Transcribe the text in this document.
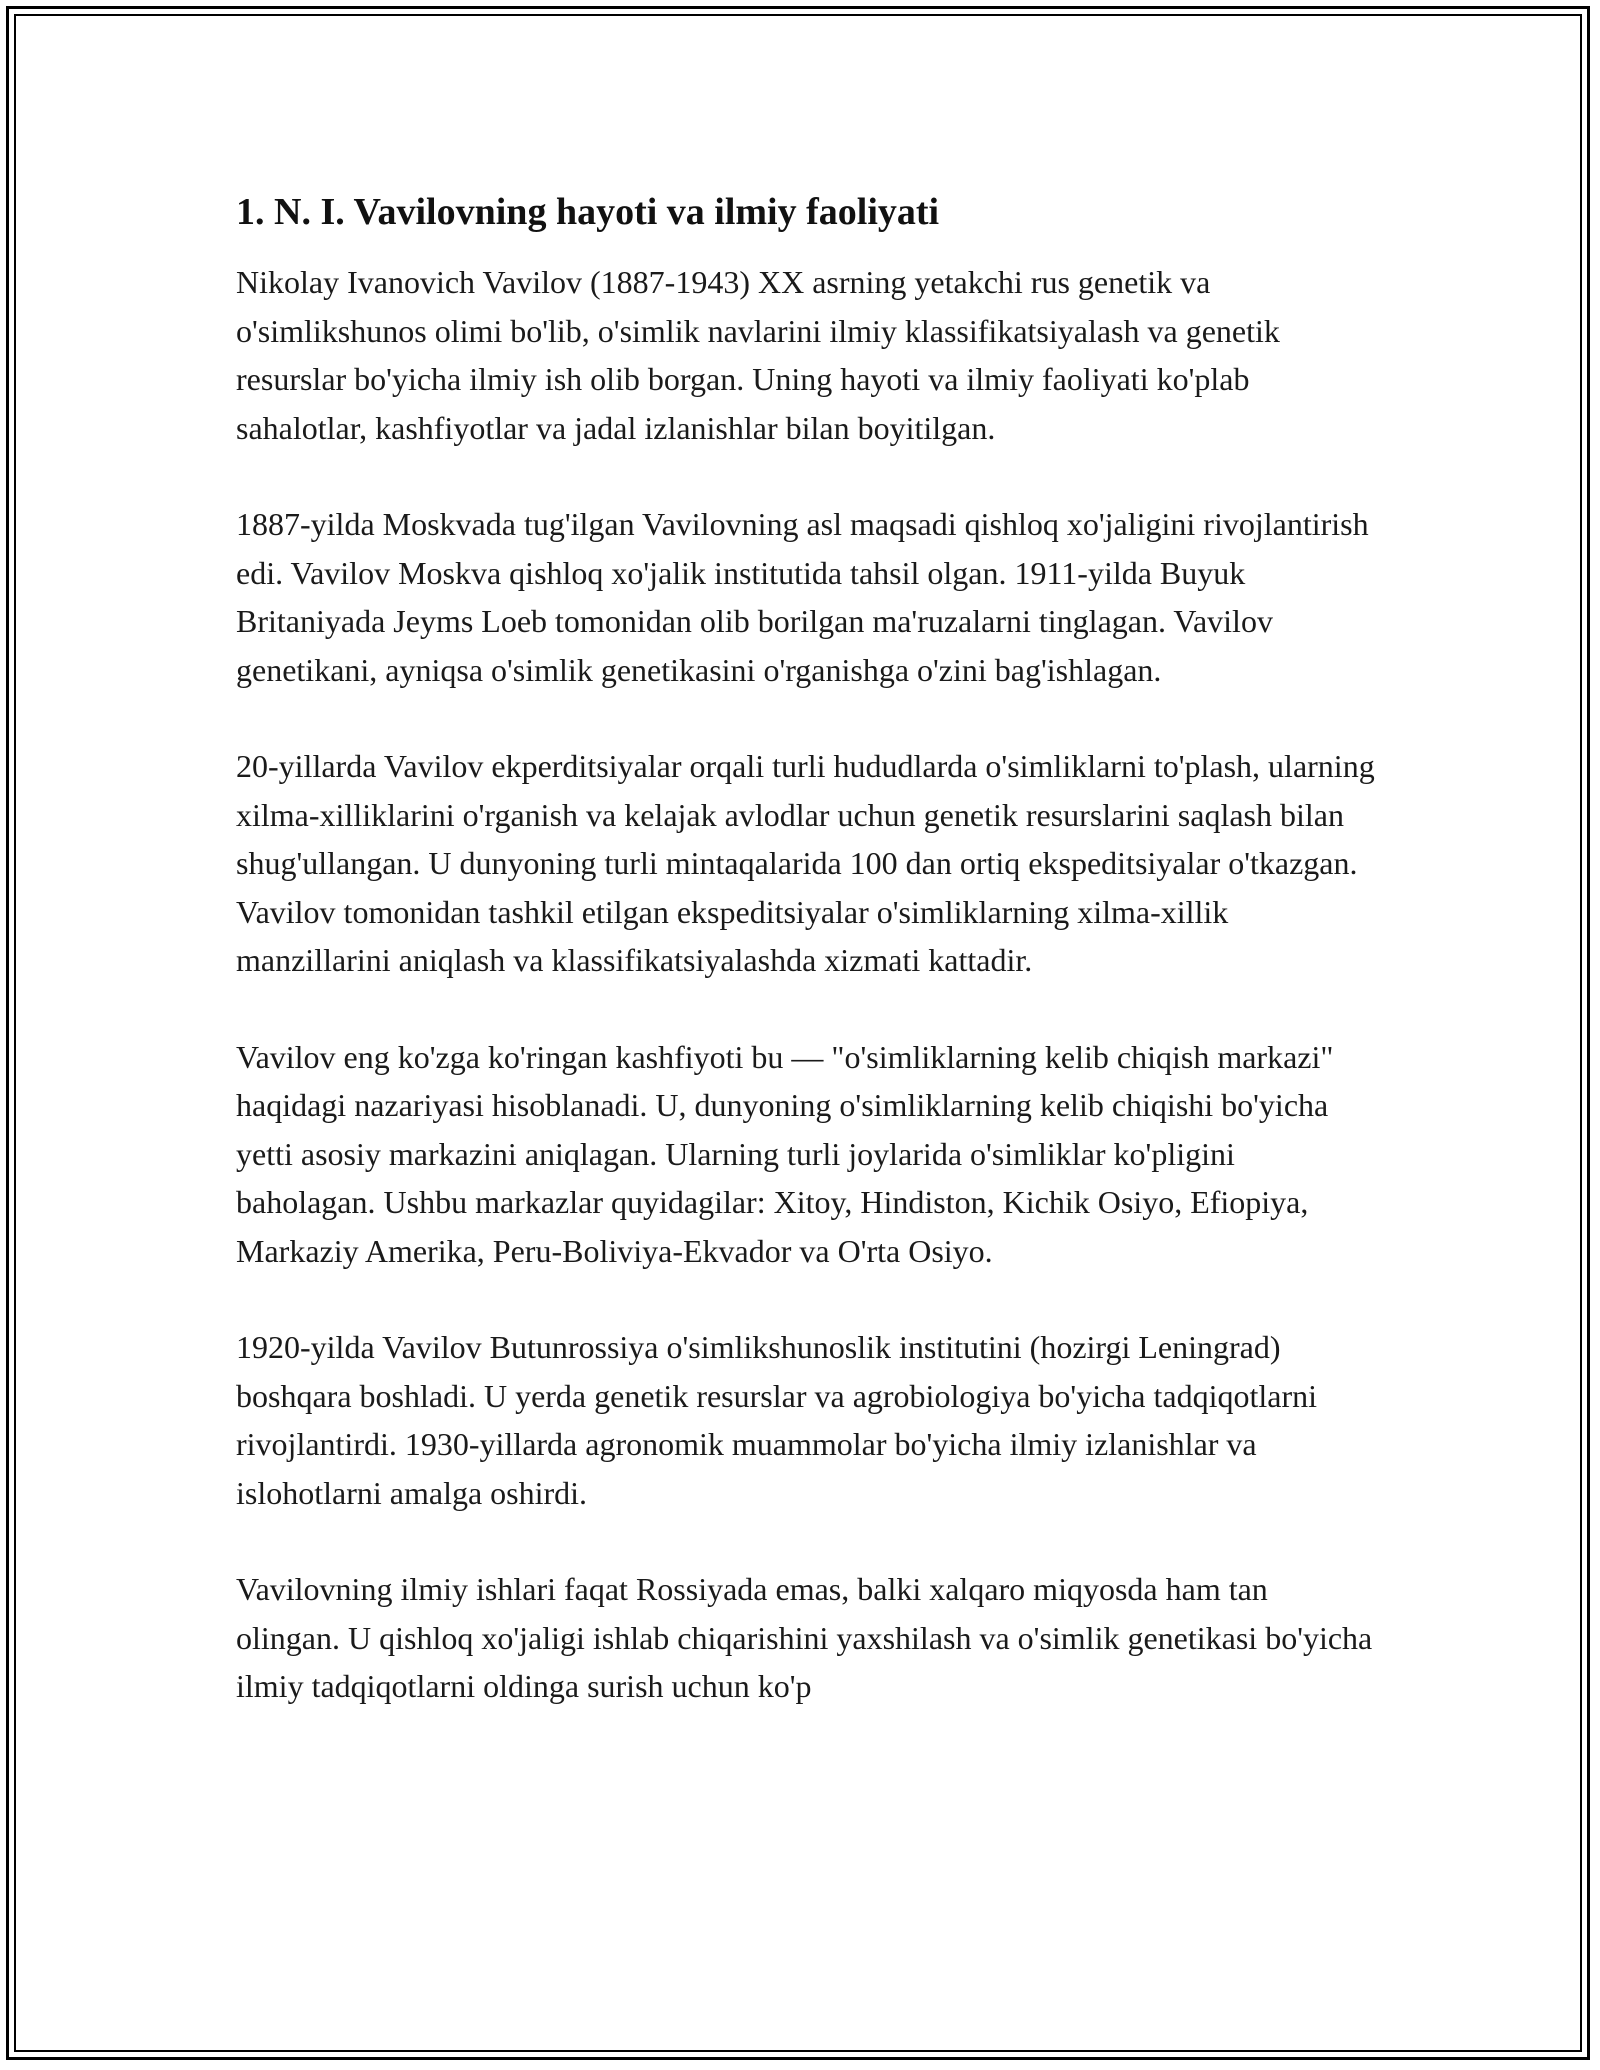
1. N. I. Vavilovning hayoti va ilmiy faoliyati

Nikolay Ivanovich Vavilov (1887-1943) XX asrning yetakchi rus genetik va o'simlikshunos olimi bo'lib, o'simlik navlarini ilmiy klassifikatsiyalash va genetik resurslar bo'yicha ilmiy ish olib borgan. Uning hayoti va ilmiy faoliyati ko'plab sahalotlar, kashfiyotlar va jadal izlanishlar bilan boyitilgan.

1887-yilda Moskvada tug'ilgan Vavilovning asl maqsadi qishloq xo'jaligini rivojlantirish edi. Vavilov Moskva qishloq xo'jalik institutida tahsil olgan. 1911-yilda Buyuk Britaniyada Jeyms Loeb tomonidan olib borilgan ma'ruzalarni tinglagan. Vavilov genetikani, ayniqsa o'simlik genetikasini o'rganishga o'zini bag'ishlagan.

20-yillarda Vavilov ekperditsiyalar orqali turli hududlarda o'simliklarni to'plash, ularning xilma-xilliklarini o'rganish va kelajak avlodlar uchun genetik resurslarini saqlash bilan shug'ullangan. U dunyoning turli mintaqalarida 100 dan ortiq ekspeditsiyalar o'tkazgan. Vavilov tomonidan tashkil etilgan ekspeditsiyalar o'simliklarning xilma-xillik manzillarini aniqlash va klassifikatsiyalashda xizmati kattadir.

Vavilov eng ko'zga ko'ringan kashfiyoti bu — "o'simliklarning kelib chiqish markazi" haqidagi nazariyasi hisoblanadi. U, dunyoning o'simliklarning kelib chiqishi bo'yicha yetti asosiy markazini aniqlagan. Ularning turli joylarida o'simliklar ko'pligini baholagan. Ushbu markazlar quyidagilar: Xitoy, Hindiston, Kichik Osiyo, Efiopiya, Markaziy Amerika, Peru-Boliviya-Ekvador va O'rta Osiyo.

1920-yilda Vavilov Butunrossiya o'simlikshunoslik institutini (hozirgi Leningrad) boshqara boshladi. U yerda genetik resurslar va agrobiologiya bo'yicha tadqiqotlarni rivojlantirdi. 1930-yillarda agronomik muammolar bo'yicha ilmiy izlanishlar va islohotlarni amalga oshirdi.

Vavilovning ilmiy ishlari faqat Rossiyada emas, balki xalqaro miqyosda ham tan olingan. U qishloq xo'jaligi ishlab chiqarishini yaxshilash va o'simlik genetikasi bo'yicha ilmiy tadqiqotlarni oldinga surish uchun ko'p
